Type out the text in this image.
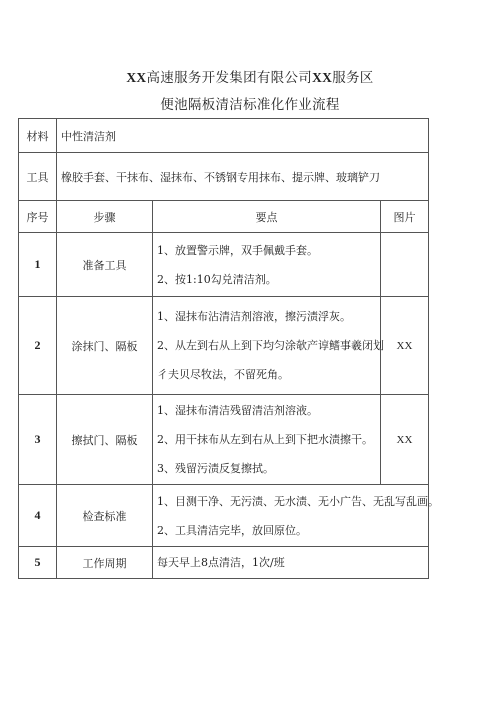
XX高速服务开发集团有限公司XX服务区
便池隔板清洁标准化作业流程
材料	中性清洁剂		
工具	橡胶手套、干抹布、湿抹布、不锈钢专用抹布、提示牌、玻璃铲刀		
序号	步骤	要点	图片
1	准备工具	1、放置警示牌，双手佩戴手套。
2、按1:10勾兑清洁剂。	

2	涂抹门、隔板	1、湿抹布沾清洁剂溶液，擦污渍浮灰。
2、从左到右从上到下均匀涂欹产谆鳍事羲闭划
彳夫贝尽牧法，不留死角。	XX
3	擦拭门、隔板	1、湿抹布清洁残留清洁剂溶液。
2、用干抹布从左到右从上到下把水渍擦干。
3、残留污渍反复擦拭。	XX
4	检查标准	1、目测干净、无污渍、无水渍、无小广告、无乱写乱画。
2、工具清洁完毕，放回原位。	

5	工作周期	每天早上8点清洁，1次/班	
